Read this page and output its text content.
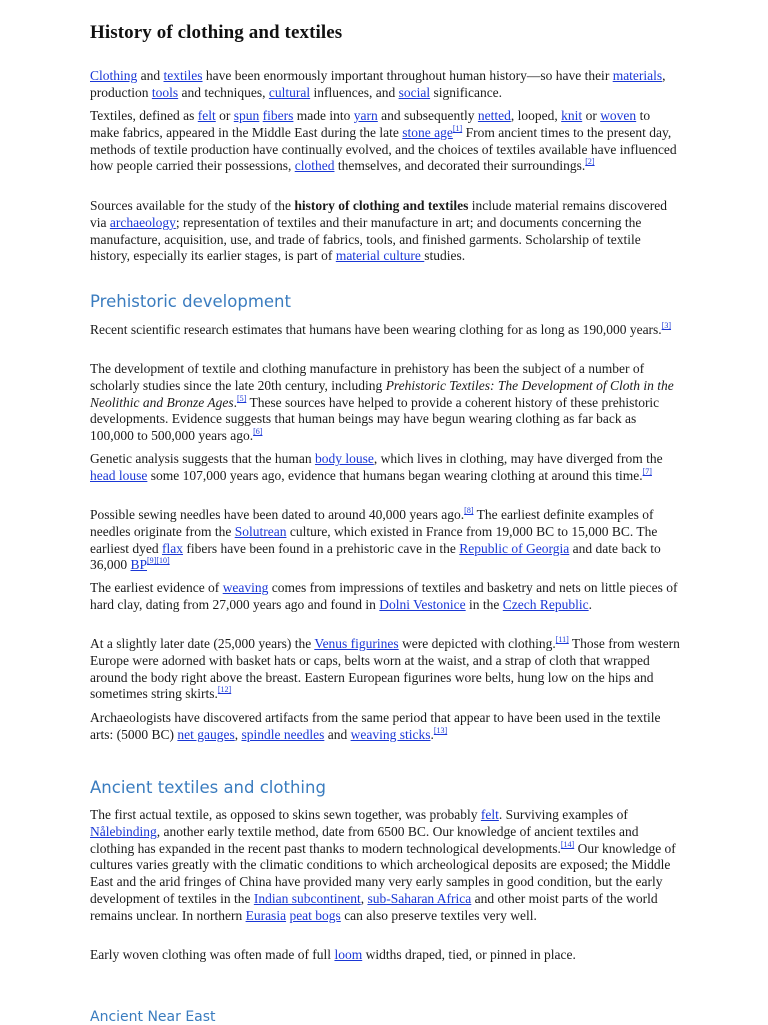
History of clothing and textiles

Clothing and textiles have been enormously important throughout human history—so have their materials, production tools and techniques, cultural influences, and social significance.

Textiles, defined as felt or spun fibers made into yarn and subsequently netted, looped, knit or woven to make fabrics, appeared in the Middle East during the late stone age[1] From ancient times to the present day, methods of textile production have continually evolved, and the choices of textiles available have influenced how people carried their possessions, clothed themselves, and decorated their surroundings.[2]

Sources available for the study of the history of clothing and textiles include material remains discovered via archaeology; representation of textiles and their manufacture in art; and documents concerning the manufacture, acquisition, use, and trade of fabrics, tools, and finished garments. Scholarship of textile history, especially its earlier stages, is part of material culture studies.

Prehistoric development

Recent scientific research estimates that humans have been wearing clothing for as long as 190,000 years.[3]

The development of textile and clothing manufacture in prehistory has been the subject of a number of scholarly studies since the late 20th century, including Prehistoric Textiles: The Development of Cloth in the Neolithic and Bronze Ages.[5] These sources have helped to provide a coherent history of these prehistoric developments. Evidence suggests that human beings may have begun wearing clothing as far back as 100,000 to 500,000 years ago.[6]

Genetic analysis suggests that the human body louse, which lives in clothing, may have diverged from the head louse some 107,000 years ago, evidence that humans began wearing clothing at around this time.[7]

Possible sewing needles have been dated to around 40,000 years ago.[8] The earliest definite examples of needles originate from the Solutrean culture, which existed in France from 19,000 BC to 15,000 BC. The earliest dyed flax fibers have been found in a prehistoric cave in the Republic of Georgia and date back to 36,000 BP[9][10]

The earliest evidence of weaving comes from impressions of textiles and basketry and nets on little pieces of hard clay, dating from 27,000 years ago and found in Dolni Vestonice in the Czech Republic.

At a slightly later date (25,000 years) the Venus figurines were depicted with clothing.[11] Those from western Europe were adorned with basket hats or caps, belts worn at the waist, and a strap of cloth that wrapped around the body right above the breast. Eastern European figurines wore belts, hung low on the hips and sometimes string skirts.[12]

Archaeologists have discovered artifacts from the same period that appear to have been used in the textile arts: (5000 BC) net gauges, spindle needles and weaving sticks.[13]

Ancient textiles and clothing

The first actual textile, as opposed to skins sewn together, was probably felt. Surviving examples of Nålebinding, another early textile method, date from 6500 BC. Our knowledge of ancient textiles and clothing has expanded in the recent past thanks to modern technological developments.[14] Our knowledge of cultures varies greatly with the climatic conditions to which archeological deposits are exposed; the Middle East and the arid fringes of China have provided many very early samples in good condition, but the early development of textiles in the Indian subcontinent, sub-Saharan Africa and other moist parts of the world remains unclear. In northern Eurasia peat bogs can also preserve textiles very well.

Early woven clothing was often made of full loom widths draped, tied, or pinned in place.

Ancient Near East
